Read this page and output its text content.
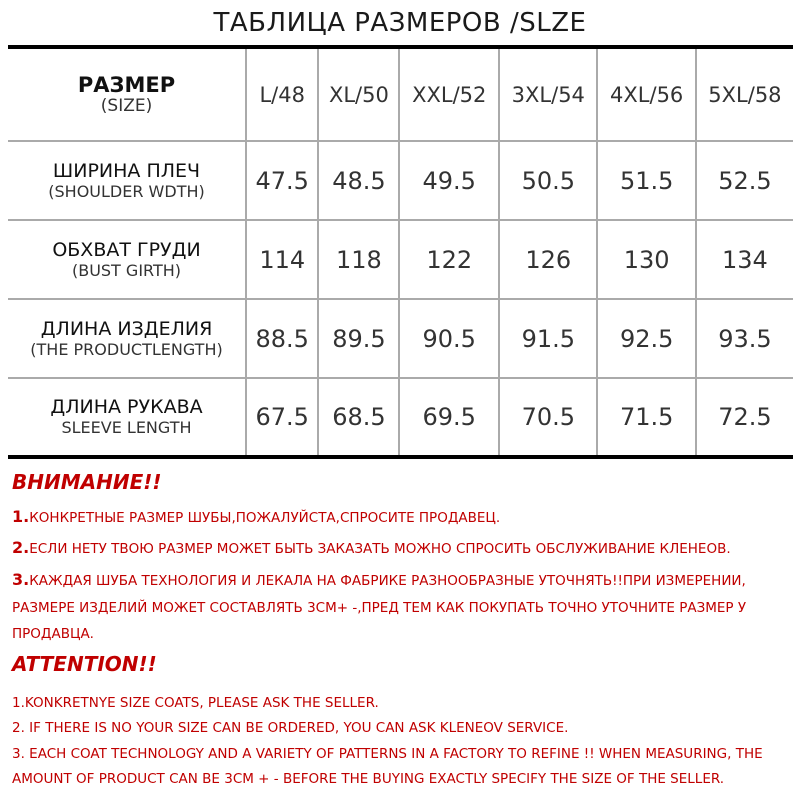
ТАБЛИЦА РАЗМЕРОВ /SLZE
РАЗМЕР
(SIZE)	L/48	XL/50	XXL/52	3XL/54	4XL/56	5XL/58

ШИРИНА ПЛЕЧ
(SHOULDER WDTH)	47.5	48.5	49.5	50.5	51.5	52.5

ОБХВАТ ГРУДИ
(BUST GIRTH)	114	118	122	126	130	134

ДЛИНА ИЗДЕЛИЯ
(THE PRODUCTLENGTH)	88.5	89.5	90.5	91.5	92.5	93.5

ДЛИНА РУКАВА
SLEEVE LENGTH	67.5	68.5	69.5	70.5	71.5	72.5
ВНИМАНИЕ!!
1.КОНКРЕТНЫЕ РАЗМЕР ШУБЫ,ПОЖАЛУЙСТА,СПРОСИТЕ ПРОДАВЕЦ.
2.ЕСЛИ НЕТУ ТВОЮ РАЗМЕР МОЖЕТ БЫТЬ ЗАКАЗАТЬ МОЖНО СПРОСИТЬ ОБСЛУЖИВАНИЕ КЛЕНЕОВ.
3.КАЖДАЯ ШУБА ТЕХНОЛОГИЯ И ЛЕКАЛА НА ФАБРИКЕ РАЗНООБРАЗНЫЕ УТОЧНЯТЬ!!ПРИ ИЗМЕРЕНИИ,
РАЗМЕРЕ ИЗДЕЛИЙ МОЖЕТ СОСТАВЛЯТЬ 3СМ+ -,ПРЕД ТЕМ КАК ПОКУПАТЬ ТОЧНО УТОЧНИТЕ РАЗМЕР У
ПРОДАВЦА.
ATTENTION!!
1.KONKRETNYE SIZE COATS, PLEASE ASK THE SELLER.
2. IF THERE IS NO YOUR SIZE CAN BE ORDERED, YOU CAN ASK KLENEOV SERVICE.
3. EACH COAT TECHNOLOGY AND A VARIETY OF PATTERNS IN A FACTORY TO REFINE !! WHEN MEASURING, THE
AMOUNT OF PRODUCT CAN BE 3CM + - BEFORE THE BUYING EXACTLY SPECIFY THE SIZE OF THE SELLER.
